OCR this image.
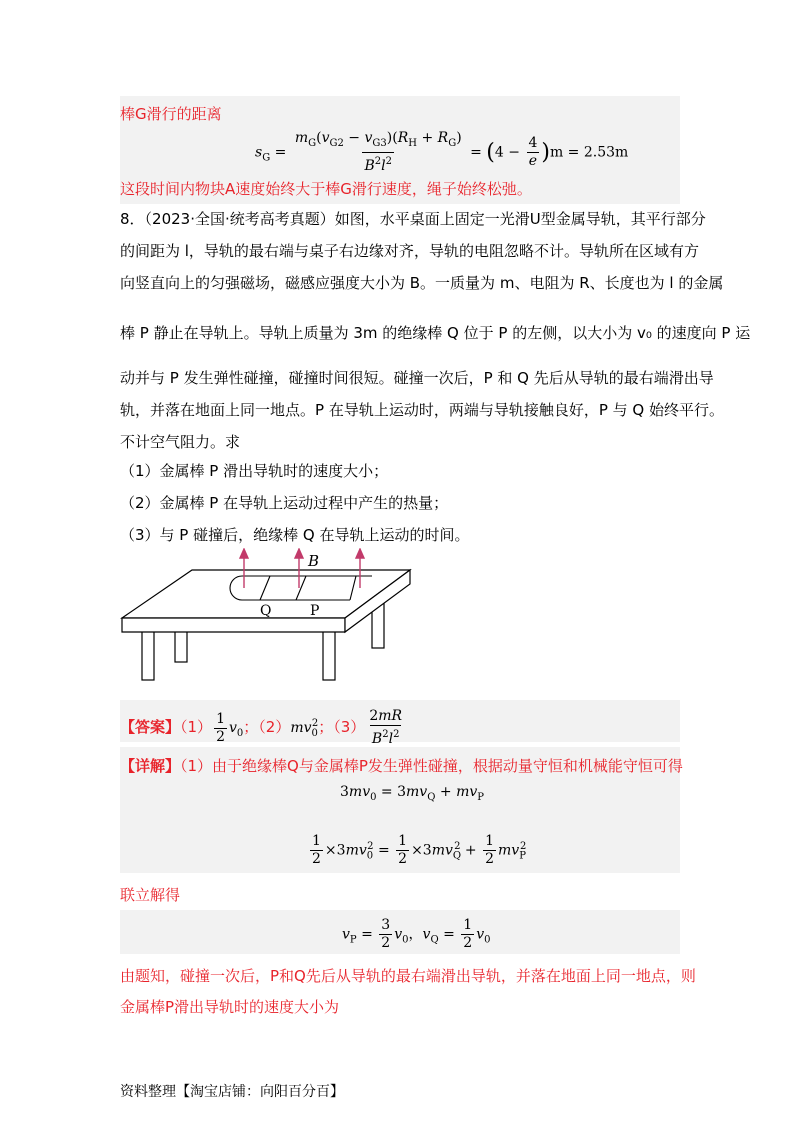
棒G滑行的距离
$s_G = \frac{m_G(v_{G2} - v_{G3})(R_H + R_G)}{B^2l^2} = (4 - \frac{4}{e} )m = 2.53m$
这段时间内物块A速度始终大于棒G滑行速度，绳子始终松弛。
8．（2023·全国·统考高考真题）如图，水平桌面上固定一光滑U型金属导轨，其平行部分
的间距为 l，导轨的最右端与桌子右边缘对齐，导轨的电阻忽略不计。导轨所在区域有方
向竖直向上的匀强磁场，磁感应强度大小为 B。一质量为 m、电阻为 R、长度也为 l 的金属
棒 P 静止在导轨上。导轨上质量为 3m 的绝缘棒 Q 位于 P 的左侧，以大小为 v₀ 的速度向 P 运
动并与 P 发生弹性碰撞，碰撞时间很短。碰撞一次后，P 和 Q 先后从导轨的最右端滑出导
轨，并落在地面上同一地点。P 在导轨上运动时，两端与导轨接触良好，P 与 Q 始终平行。
不计空气阻力。求
（1）金属棒 P 滑出导轨时的速度大小；
（2）金属棒 P 在导轨上运动过程中产生的热量；
（3）与 P 碰撞后，绝缘棒 Q 在导轨上运动的时间。
B
Q	P
【答案】$(1) \frac{1}{2} v_0$；$(2)mv_0^2$；$(3) \frac{2mR}{B^2l^2}$
【详解】（1）由于绝缘棒Q与金属棒P发生弹性碰撞，根据动量守恒和机械能守恒可得
$3mv_0 = 3mv_Q + mv_P$
$\frac{1}{2} \times 3mv_0^2 = \frac{1}{2} \times 3mv_Q^2 + \frac{1}{2} mv_P^2$
联立解得
$v_P = \frac{3}{2} v_0$，$v_Q = \frac{1}{2} v_0$
由题知，碰撞一次后，P和Q先后从导轨的最右端滑出导轨，并落在地面上同一地点，则
金属棒P滑出导轨时的速度大小为
资料整理【淘宝店铺：向阳百分百】
